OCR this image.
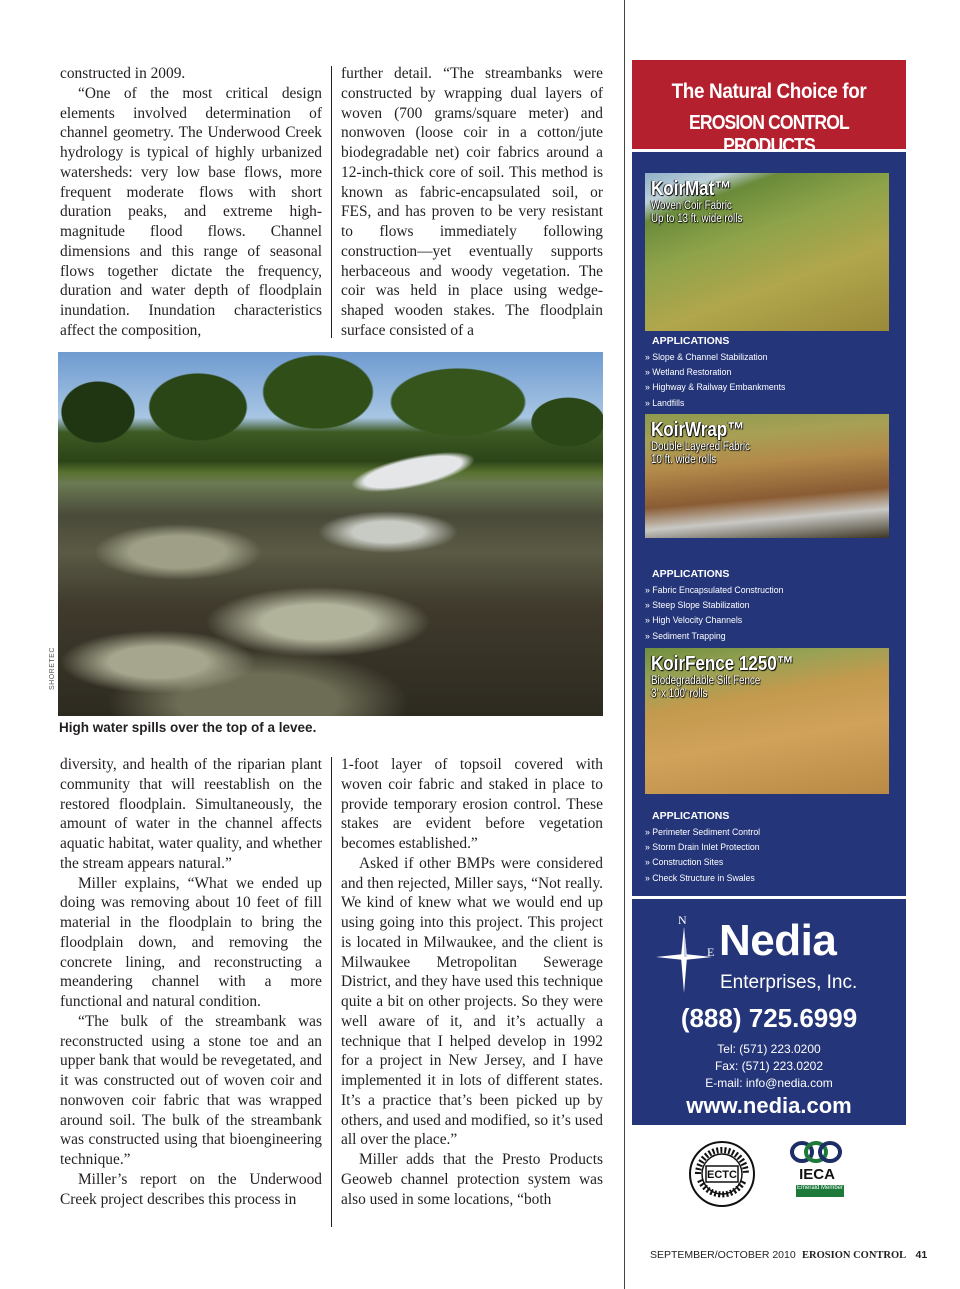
constructed in 2009.

“One of the most critical design elements involved determination of channel geometry. The Underwood Creek hydrology is typical of highly urbanized watersheds: very low base flows, more frequent moderate flows with short duration peaks, and extreme high-magnitude flood flows. Channel dimensions and this range of seasonal flows together dictate the frequency, duration and water depth of floodplain inundation. Inundation characteristics affect the composition,

further detail. “The streambanks were constructed by wrapping dual layers of woven (700 grams/square meter) and nonwoven (loose coir in a cotton/jute biodegradable net) coir fabrics around a 12-inch-thick core of soil. This method is known as fabric-encapsulated soil, or FES, and has proven to be very resistant to flows immediately following construction—yet eventually supports herbaceous and woody vegetation. The coir was held in place using wedge-shaped wooden stakes. The floodplain surface consisted of a

SHORETEC
High water spills over the top of a levee.

diversity, and health of the riparian plant community that will reestablish on the restored floodplain. Simultaneously, the amount of water in the channel affects aquatic habitat, water quality, and whether the stream appears natural.”

Miller explains, “What we ended up doing was removing about 10 feet of fill material in the floodplain to bring the floodplain down, and removing the concrete lining, and reconstructing a meandering channel with a more functional and natural condition.

“The bulk of the streambank was reconstructed using a stone toe and an upper bank that would be revegetated, and it was constructed out of woven coir and nonwoven coir fabric that was wrapped around soil. The bulk of the streambank was constructed using that bioengineering technique.”

Miller’s report on the Underwood Creek project describes this process in

1-foot layer of topsoil covered with woven coir fabric and staked in place to provide temporary erosion control. These stakes are evident before vegetation becomes established.”

Asked if other BMPs were considered and then rejected, Miller says, “Not really. We kind of knew what we would end up using going into this project. This project is located in Milwaukee, and the client is Milwaukee Metropolitan Sewerage District, and they have used this technique quite a bit on other projects. So they were well aware of it, and it’s actually a technique that I helped develop in 1992 for a project in New Jersey, and I have implemented it in lots of different states. It’s a practice that’s been picked up by others, and used and modified, so it’s used all over the place.”

Miller adds that the Presto Products Geoweb channel protection system was also used in some locations, “both

The Natural Choice for
EROSION CONTROL PRODUCTS
KoirMat™
Woven Coir Fabric
Up to 13 ft. wide rolls
APPLICATIONS
» Slope & Channel Stabilization
» Wetland Restoration
» Highway & Railway Embankments
» Landfills
KoirWrap™
Double Layered Fabric
10 ft. wide rolls
APPLICATIONS
» Fabric Encapsulated Construction
» Steep Slope Stabilization
» High Velocity Channels
» Sediment Trapping
KoirFence 1250™
Biodegradable Silt Fence
3' x 100' rolls
APPLICATIONS
» Perimeter Sediment Control
» Storm Drain Inlet Protection
» Construction Sites
» Check Structure in Swales
N
E Nedia
Enterprises, Inc.
(888) 725.6999
Tel: (571) 223.0200
Fax: (571) 223.0202
E-mail: info@nedia.com
www.nedia.com
ECTC	IECA
Emerald Member
SEPTEMBER/OCTOBER 2010 EROSION CONTROL 41
